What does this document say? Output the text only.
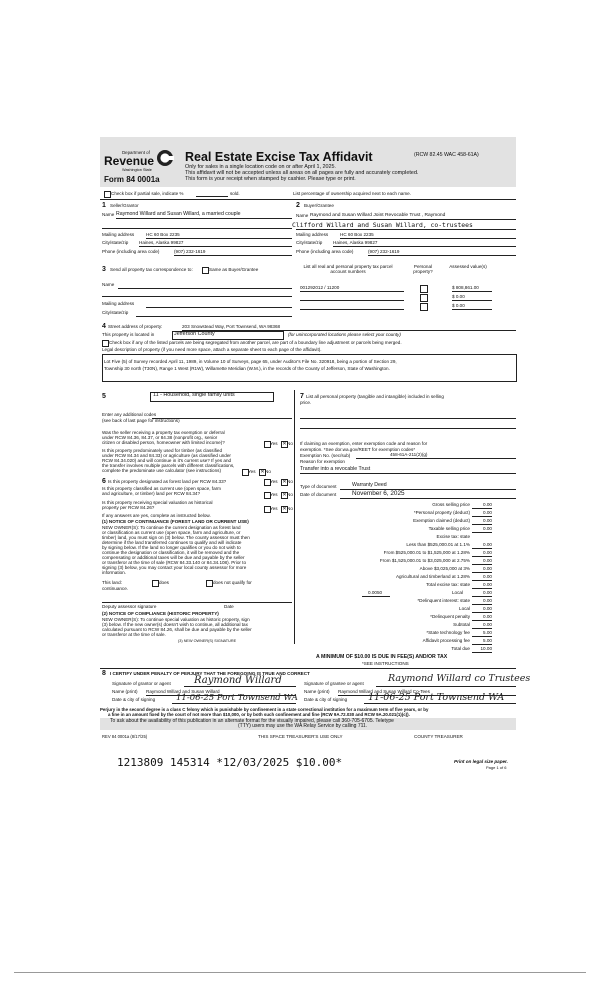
Department of
Revenue
Washington State
Form 84 0001a
Real Estate Excise Tax Affidavit	(RCW 82.45 WAC 458-61A)
Only for sales in a single location code on or after April 1, 2025.
This affidavit will not be accepted unless all areas on all pages are fully and accurately completed.
This form is your receipt when stamped by cashier. Please type or print.
Check box if partial sale, indicate %	sold.	List percentage of ownership acquired next to each name.
1 Seller/Grantor
Name Raymond Willard and Susan Willard, a married couple
Mailing address	HC 60 Box 2235
City/state/zip Haines, Alaska 99827
Phone (including area code)	(907) 232-1619
2 Buyer/Grantee
Name Raymond and Susan Willard Joint Revocable Trust , Raymond
Clifford Willard and Susan Willard, co-trustees
Mailing address	HC 60 Box 2235
City/state/zip Haines, Alaska 99827
Phone (including area code)	(907) 232-1619
3 Send all property tax correspondence to:	Same as Buyer/Grantee
Name
Mailing address
City/state/zip
List all real and personal property tax parcel account numbers
Personal property?
Assessed value(s)
001292012 / 11200	$ 808,861.00
$ 0.00
$ 0.00
4 Street address of property:	203 Snowstead Way, Port Townsend, WA 98368
This property is located in	Jefferson County	(for unincorporated locations please select your county)
Check box if any of the listed parcels are being segregated from another parcel, are part of a boundary line adjustment or parcels being merged.
Legal description of property (if you need more space, attach a separate sheet to each page of the affidavit).
Lot Five (5) of Survey recorded April 11, 1989, in Volume 10 of Surveys, page 65, under Auditor's File No. 320918, being a portion of Section 29,
Township 30 north (T30N), Range 1 West (R1W), Willamette Meridian (W.M.), in the records of the County of Jefferson, State of Washington.
5	11 - Household, single family units
Enter any additional codes
(see back of last page for instructions)
Was the seller receiving a property tax exemption or deferral
under RCW 84.36, 84.37, or 84.38 (nonprofit org., senior
citizen or disabled person, homeowner with limited income)?	Yes ✕ No
Is this property predominately used for timber (as classified
under RCW 84.34 and 84.33) or agriculture (as classified under
RCW 84.34.020) and will continue in it's current use? If yes and
the transfer involves multiple parcels with different classifications,
complete the predominate use calculator (see instructions)	Yes ✕ No
6 Is this property designated as forest land per RCW 84.33?	Yes ✕ No
Is this property classified as current use (open space, farm
and agriculture, or timber) land per RCW 84.34?	Yes ✕ No
Is this property receiving special valuation as historical
property per RCW 84.26?	Yes ✕ No
If any answers are yes, complete as instructed below.
(1) NOTICE OF CONTINUANCE (FOREST LAND OR CURRENT USE)
NEW OWNER(S): To continue the current designation as forest land
or classification as current use (open space, farm and agriculture, or
timber) land, you must sign on (3) below. The county assessor must then
determine if the land transferred continues to qualify and will indicate
by signing below. If the land no longer qualifies or you do not wish to
continue the designation or classification, it will be removed and the
compensating or additional taxes will be due and payable by the seller
or transferor at the time of sale (RCW 84.33.140 or 84.34.108). Prior to
signing (3) below, you may contact your local county assessor for more
information.
This land:	does	does not qualify for
continuance.
Deputy assessor signature	Date
(2) NOTICE OF COMPLIANCE (HISTORIC PROPERTY)
NEW OWNER(S): To continue special valuation as historic property, sign
(3) below. If the new owner(s) doesn't wish to continue, all additional tax
calculated pursuant to RCW 84.26, shall be due and payable by the seller
or transferor at the time of sale.
(3) NEW OWNER(S) SIGNATURE
7 List all personal property (tangible and intangible) included in selling
price.
If claiming an exemption, enter exemption code and reason for
exemption. *See dor.wa.gov/REET for exemption codes*
Exemption No. (sec/sub)	458-61A-211(2)(g)
Reason for exemption
Transfer into a revocable Trust
Type of document	Warranty Deed
Date of document November 6, 2025
Gross selling price	0.00
*Personal property (deduct)	0.00
Exemption claimed (deduct)	0.00
Taxable selling price	0.00
Excise tax: state
Less than $525,000.01 at 1.1%	0.00
From $525,000.01 to $1,525,000 at 1.28%	0.00
From $1,525,000.01 to $3,025,000 at 2.75%	0.00
Above $3,025,000 at 3%	0.00
Agricultural and timberland at 1.28%	0.00
Total excise tax: state	0.00
0.0050	Local	0.00
*Delinquent interest: state	0.00
Local	0.00
*Delinquent penalty	0.00
Subtotal	0.00
*State technology fee	5.00
Affidavit processing fee	5.00
Total due	10.00
A MINIMUM OF $10.00 IS DUE IN FEE(S) AND/OR TAX
*SEE INSTRUCTIONS
8 I CERTIFY UNDER PENALTY OF PERJURY THAT THE FOREGOING IS TRUE AND CORRECT
Signature of grantor or agent Raymond Willard
Name (print) Raymond Willard and Susan Willard
Date & city of signing 11-06-25 Port Townsend WA
Signature of grantee or agent	Raymond Willard co Trustees
Name (print) Raymond Willard and Susan Willard Co-Tees
Date & city of signing 11-06-25 Port Townsend WA
Perjury in the second degree is a class C felony which is punishable by confinement in a state correctional institution for a maximum term of five years, or by
a fine in an amount fixed by the court of not more than $10,000, or by both such confinement and fine (RCW 9A.72.030 and RCW 9A.20.021(1)(c)).
To ask about the availability of this publication in an alternate format for the visually impaired, please call 360-705-6705. Teletype
(TTY) users may use the WA Relay Service by calling 711.
REV 84 0001a (8/17/25)	THIS SPACE TREASURER'S USE ONLY	COUNTY TREASURER
1213809 145314 *12/03/2025 $10.00*	Print on legal size paper.
Page 1 of 6
